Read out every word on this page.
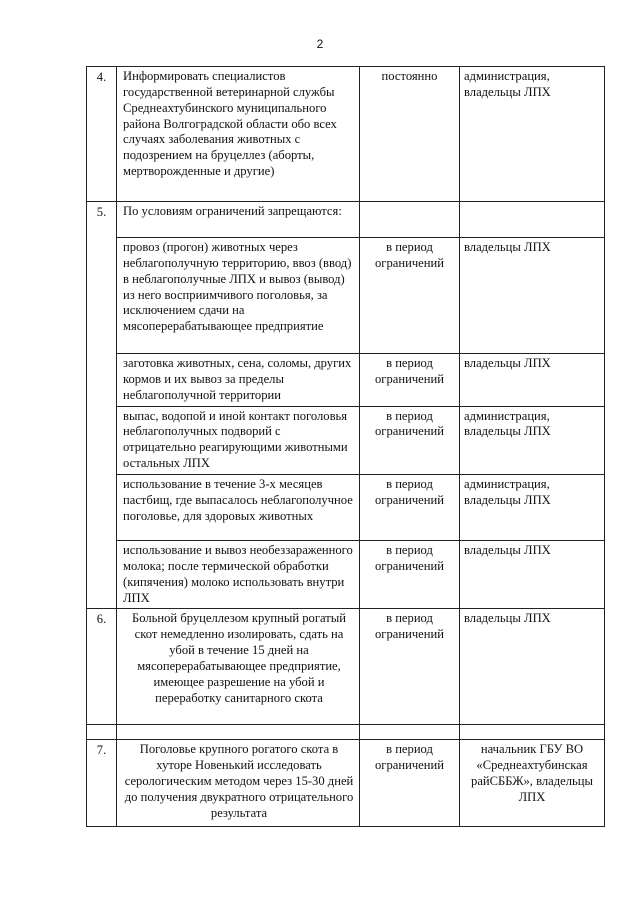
2
4.	Информировать специалистов государственной ветеринарной службы Среднеахтубинского муниципального района Волгоградской области обо всех случаях заболевания животных с подозрением на бруцеллез (аборты, мертворожденные и другие)	постоянно	администрация, владельцы ЛПХ
5.	По условиям ограничений запрещаются:		
	провоз (прогон) животных через неблагополучную территорию, ввоз (ввод) в неблагополучные ЛПХ и вывоз (вывод) из него восприимчивого поголовья, за исключением сдачи на мясоперерабатывающее предприятие	в период ограничений	владельцы ЛПХ
	заготовка животных, сена, соломы, других кормов и их вывоз за пределы неблагополучной территории	в период ограничений	владельцы ЛПХ
	выпас, водопой и иной контакт поголовья неблагополучных подворий с отрицательно реагирующими животными остальных ЛПХ	в период ограничений	администрация, владельцы ЛПХ
	использование в течение 3-х месяцев пастбищ, где выпасалось неблагополучное поголовье, для здоровых животных	в период ограничений	администрация, владельцы ЛПХ
	использование и вывоз необеззараженного молока; после термической обработки (кипячения) молоко использовать внутри ЛПХ	в период ограничений	владельцы ЛПХ
6.	Больной бруцеллезом крупный рогатый скот немедленно изолировать, сдать на убой в течение 15 дней на мясоперерабатывающее предприятие, имеющее разрешение на убой и переработку санитарного скота	в период ограничений	владельцы ЛПХ

7.	Поголовье крупного рогатого скота в хуторе Новенький исследовать серологическим методом через 15-30 дней до получения двукратного отрицательного результата	в период ограничений	начальник ГБУ ВО «Среднеахтубинская райСББЖ», владельцы ЛПХ
